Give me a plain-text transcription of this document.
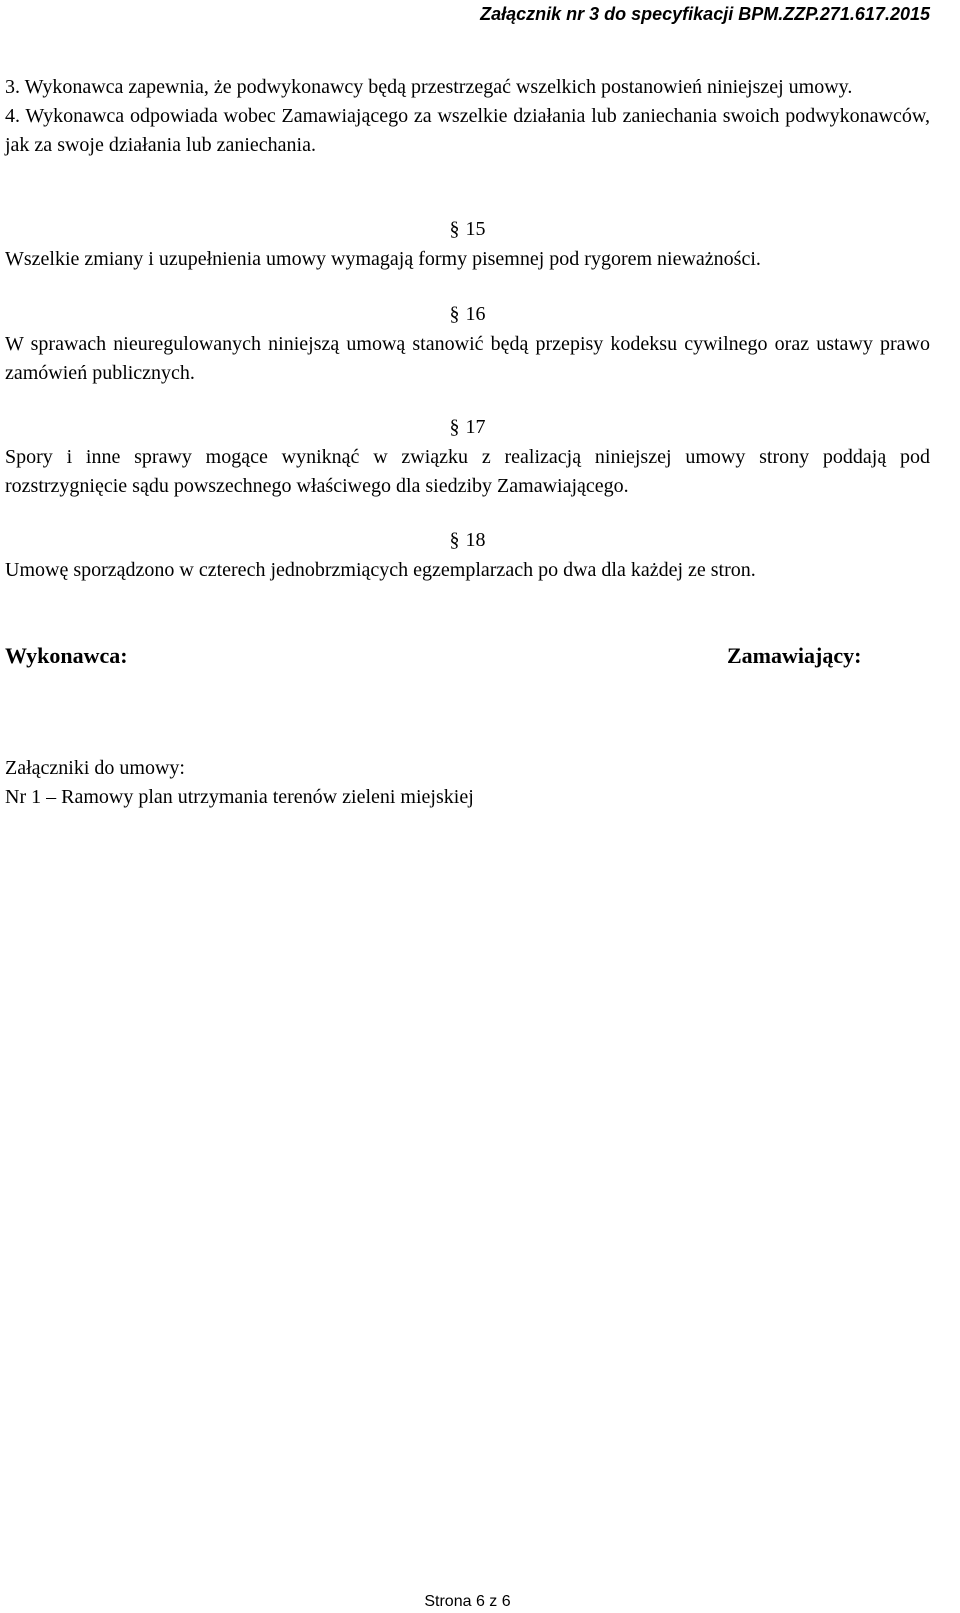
Załącznik nr 3 do specyfikacji BPM.ZZP.271.617.2015

3. Wykonawca zapewnia, że podwykonawcy będą przestrzegać wszelkich postanowień niniejszej umowy.

4. Wykonawca odpowiada wobec Zamawiającego za wszelkie działania lub zaniechania swoich podwykonawców, jak za swoje działania lub zaniechania.

§ 15

Wszelkie zmiany i uzupełnienia umowy wymagają formy pisemnej pod rygorem nieważności.

§ 16

W sprawach nieuregulowanych niniejszą umową stanowić będą przepisy kodeksu cywilnego oraz ustawy prawo zamówień publicznych.

§ 17

Spory i inne sprawy mogące wyniknąć w związku z realizacją niniejszej umowy strony poddają pod rozstrzygnięcie sądu powszechnego właściwego dla siedziby Zamawiającego.

§ 18

Umowę sporządzono w czterech jednobrzmiących egzemplarzach po dwa dla każdej ze stron.

Wykonawca:	Zamawiający:
Załączniki do umowy:
Nr 1 – Ramowy plan utrzymania terenów zieleni miejskiej
Strona 6 z 6
